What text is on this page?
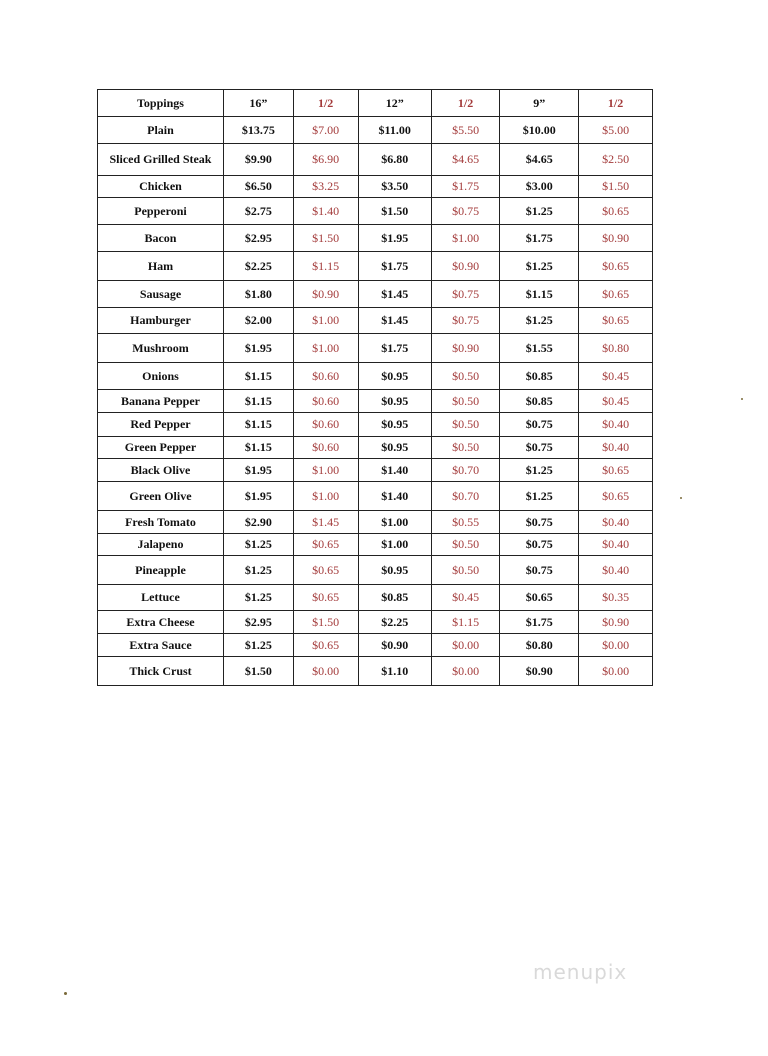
Toppings	16”	1/2	12”	1/2	9”	1/2
Plain	$13.75	$7.00	$11.00	$5.50	$10.00	$5.00
Sliced Grilled Steak	$9.90	$6.90	$6.80	$4.65	$4.65	$2.50
Chicken	$6.50	$3.25	$3.50	$1.75	$3.00	$1.50
Pepperoni	$2.75	$1.40	$1.50	$0.75	$1.25	$0.65
Bacon	$2.95	$1.50	$1.95	$1.00	$1.75	$0.90
Ham	$2.25	$1.15	$1.75	$0.90	$1.25	$0.65
Sausage	$1.80	$0.90	$1.45	$0.75	$1.15	$0.65
Hamburger	$2.00	$1.00	$1.45	$0.75	$1.25	$0.65
Mushroom	$1.95	$1.00	$1.75	$0.90	$1.55	$0.80
Onions	$1.15	$0.60	$0.95	$0.50	$0.85	$0.45
Banana Pepper	$1.15	$0.60	$0.95	$0.50	$0.85	$0.45
Red Pepper	$1.15	$0.60	$0.95	$0.50	$0.75	$0.40
Green Pepper	$1.15	$0.60	$0.95	$0.50	$0.75	$0.40
Black Olive	$1.95	$1.00	$1.40	$0.70	$1.25	$0.65
Green Olive	$1.95	$1.00	$1.40	$0.70	$1.25	$0.65
Fresh Tomato	$2.90	$1.45	$1.00	$0.55	$0.75	$0.40
Jalapeno	$1.25	$0.65	$1.00	$0.50	$0.75	$0.40
Pineapple	$1.25	$0.65	$0.95	$0.50	$0.75	$0.40
Lettuce	$1.25	$0.65	$0.85	$0.45	$0.65	$0.35
Extra Cheese	$2.95	$1.50	$2.25	$1.15	$1.75	$0.90
Extra Sauce	$1.25	$0.65	$0.90	$0.00	$0.80	$0.00
Thick Crust	$1.50	$0.00	$1.10	$0.00	$0.90	$0.00
menupix
